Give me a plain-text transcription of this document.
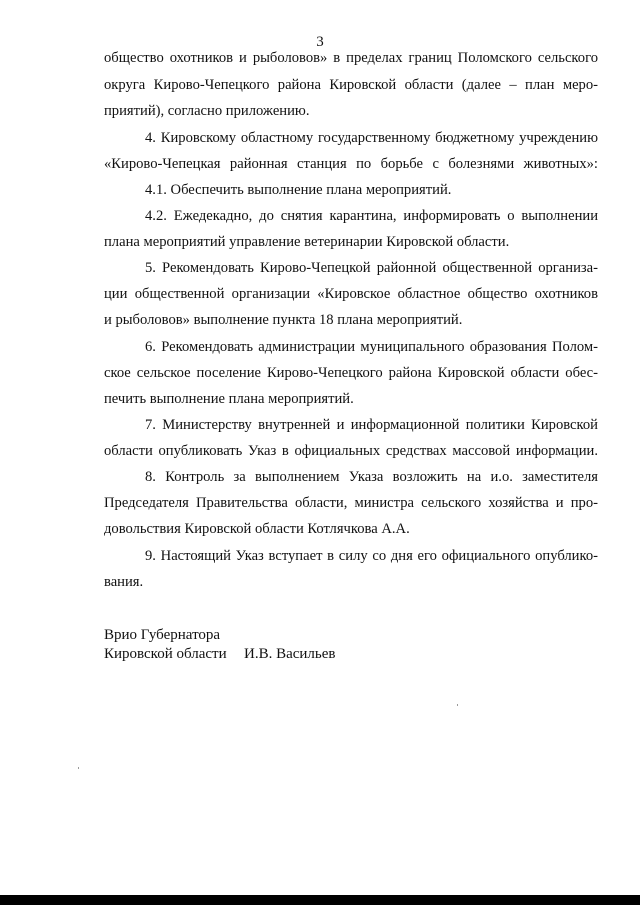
3
общество охотников и рыболовов» в пределах границ Поломского сельского
округа Кирово-Чепецкого района Кировской области (далее – план меро-
приятий), согласно приложению.
4. Кировскому областному государственному бюджетному учреждению
«Кирово-Чепецкая районная станция по борьбе с болезнями животных»:
4.1. Обеспечить выполнение плана мероприятий.
4.2. Ежедекадно, до снятия карантина, информировать о выполнении
плана мероприятий управление ветеринарии Кировской области.
5. Рекомендовать Кирово-Чепецкой районной общественной организа-
ции общественной организации «Кировское областное общество охотников
и рыболовов» выполнение пункта 18 плана мероприятий.
6. Рекомендовать администрации муниципального образования Полом-
ское сельское поселение Кирово-Чепецкого района Кировской области обес-
печить выполнение плана мероприятий.
7. Министерству внутренней и информационной политики Кировской
области опубликовать Указ в официальных средствах массовой информации.
8. Контроль за выполнением Указа возложить на и.о. заместителя
Председателя Правительства области, министра сельского хозяйства и про-
довольствия Кировской области Котлячкова А.А.
9. Настоящий Указ вступает в силу со дня его официального опублико-
вания.
Врио Губернатора
Кировской области И.В. Васильев
